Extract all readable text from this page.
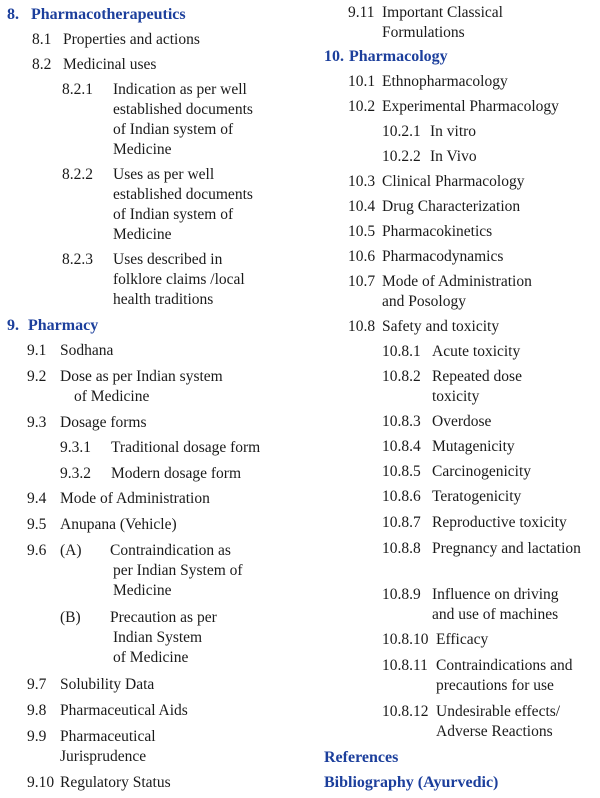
8. Pharmacotherapeutics
8.1 Properties and actions
8.2 Medicinal uses
8.2.1 Indication as per well
established documents
of Indian system of
Medicine
8.2.2 Uses as per well
established documents
of Indian system of
Medicine
8.2.3 Uses described in
folklore claims /local
health traditions
9. Pharmacy
9.1 Sodhana
9.2 Dose as per Indian system
of Medicine
9.3 Dosage forms
9.3.1 Traditional dosage form
9.3.2 Modern dosage form
9.4 Mode of Administration
9.5 Anupana (Vehicle)
9.6 (A) Contraindication as
per Indian System of
Medicine
(B) Precaution as per
Indian System
of Medicine
9.7 Solubility Data
9.8 Pharmaceutical Aids
9.9 Pharmaceutical
Jurisprudence
9.10 Regulatory Status
9.11 Important Classical
Formulations
10. Pharmacology
10.1 Ethnopharmacology
10.2 Experimental Pharmacology
10.2.1 In vitro
10.2.2 In Vivo
10.3 Clinical Pharmacology
10.4 Drug Characterization
10.5 Pharmacokinetics
10.6 Pharmacodynamics
10.7 Mode of Administration
and Posology
10.8 Safety and toxicity
10.8.1 Acute toxicity
10.8.2 Repeated dose
toxicity
10.8.3 Overdose
10.8.4 Mutagenicity
10.8.5 Carcinogenicity
10.8.6 Teratogenicity
10.8.7 Reproductive toxicity
10.8.8 Pregnancy and lactation
10.8.9 Influence on driving
and use of machines
10.8.10 Efficacy
10.8.11 Contraindications and
precautions for use
10.8.12 Undesirable effects/
Adverse Reactions
References
Bibliography (Ayurvedic)
